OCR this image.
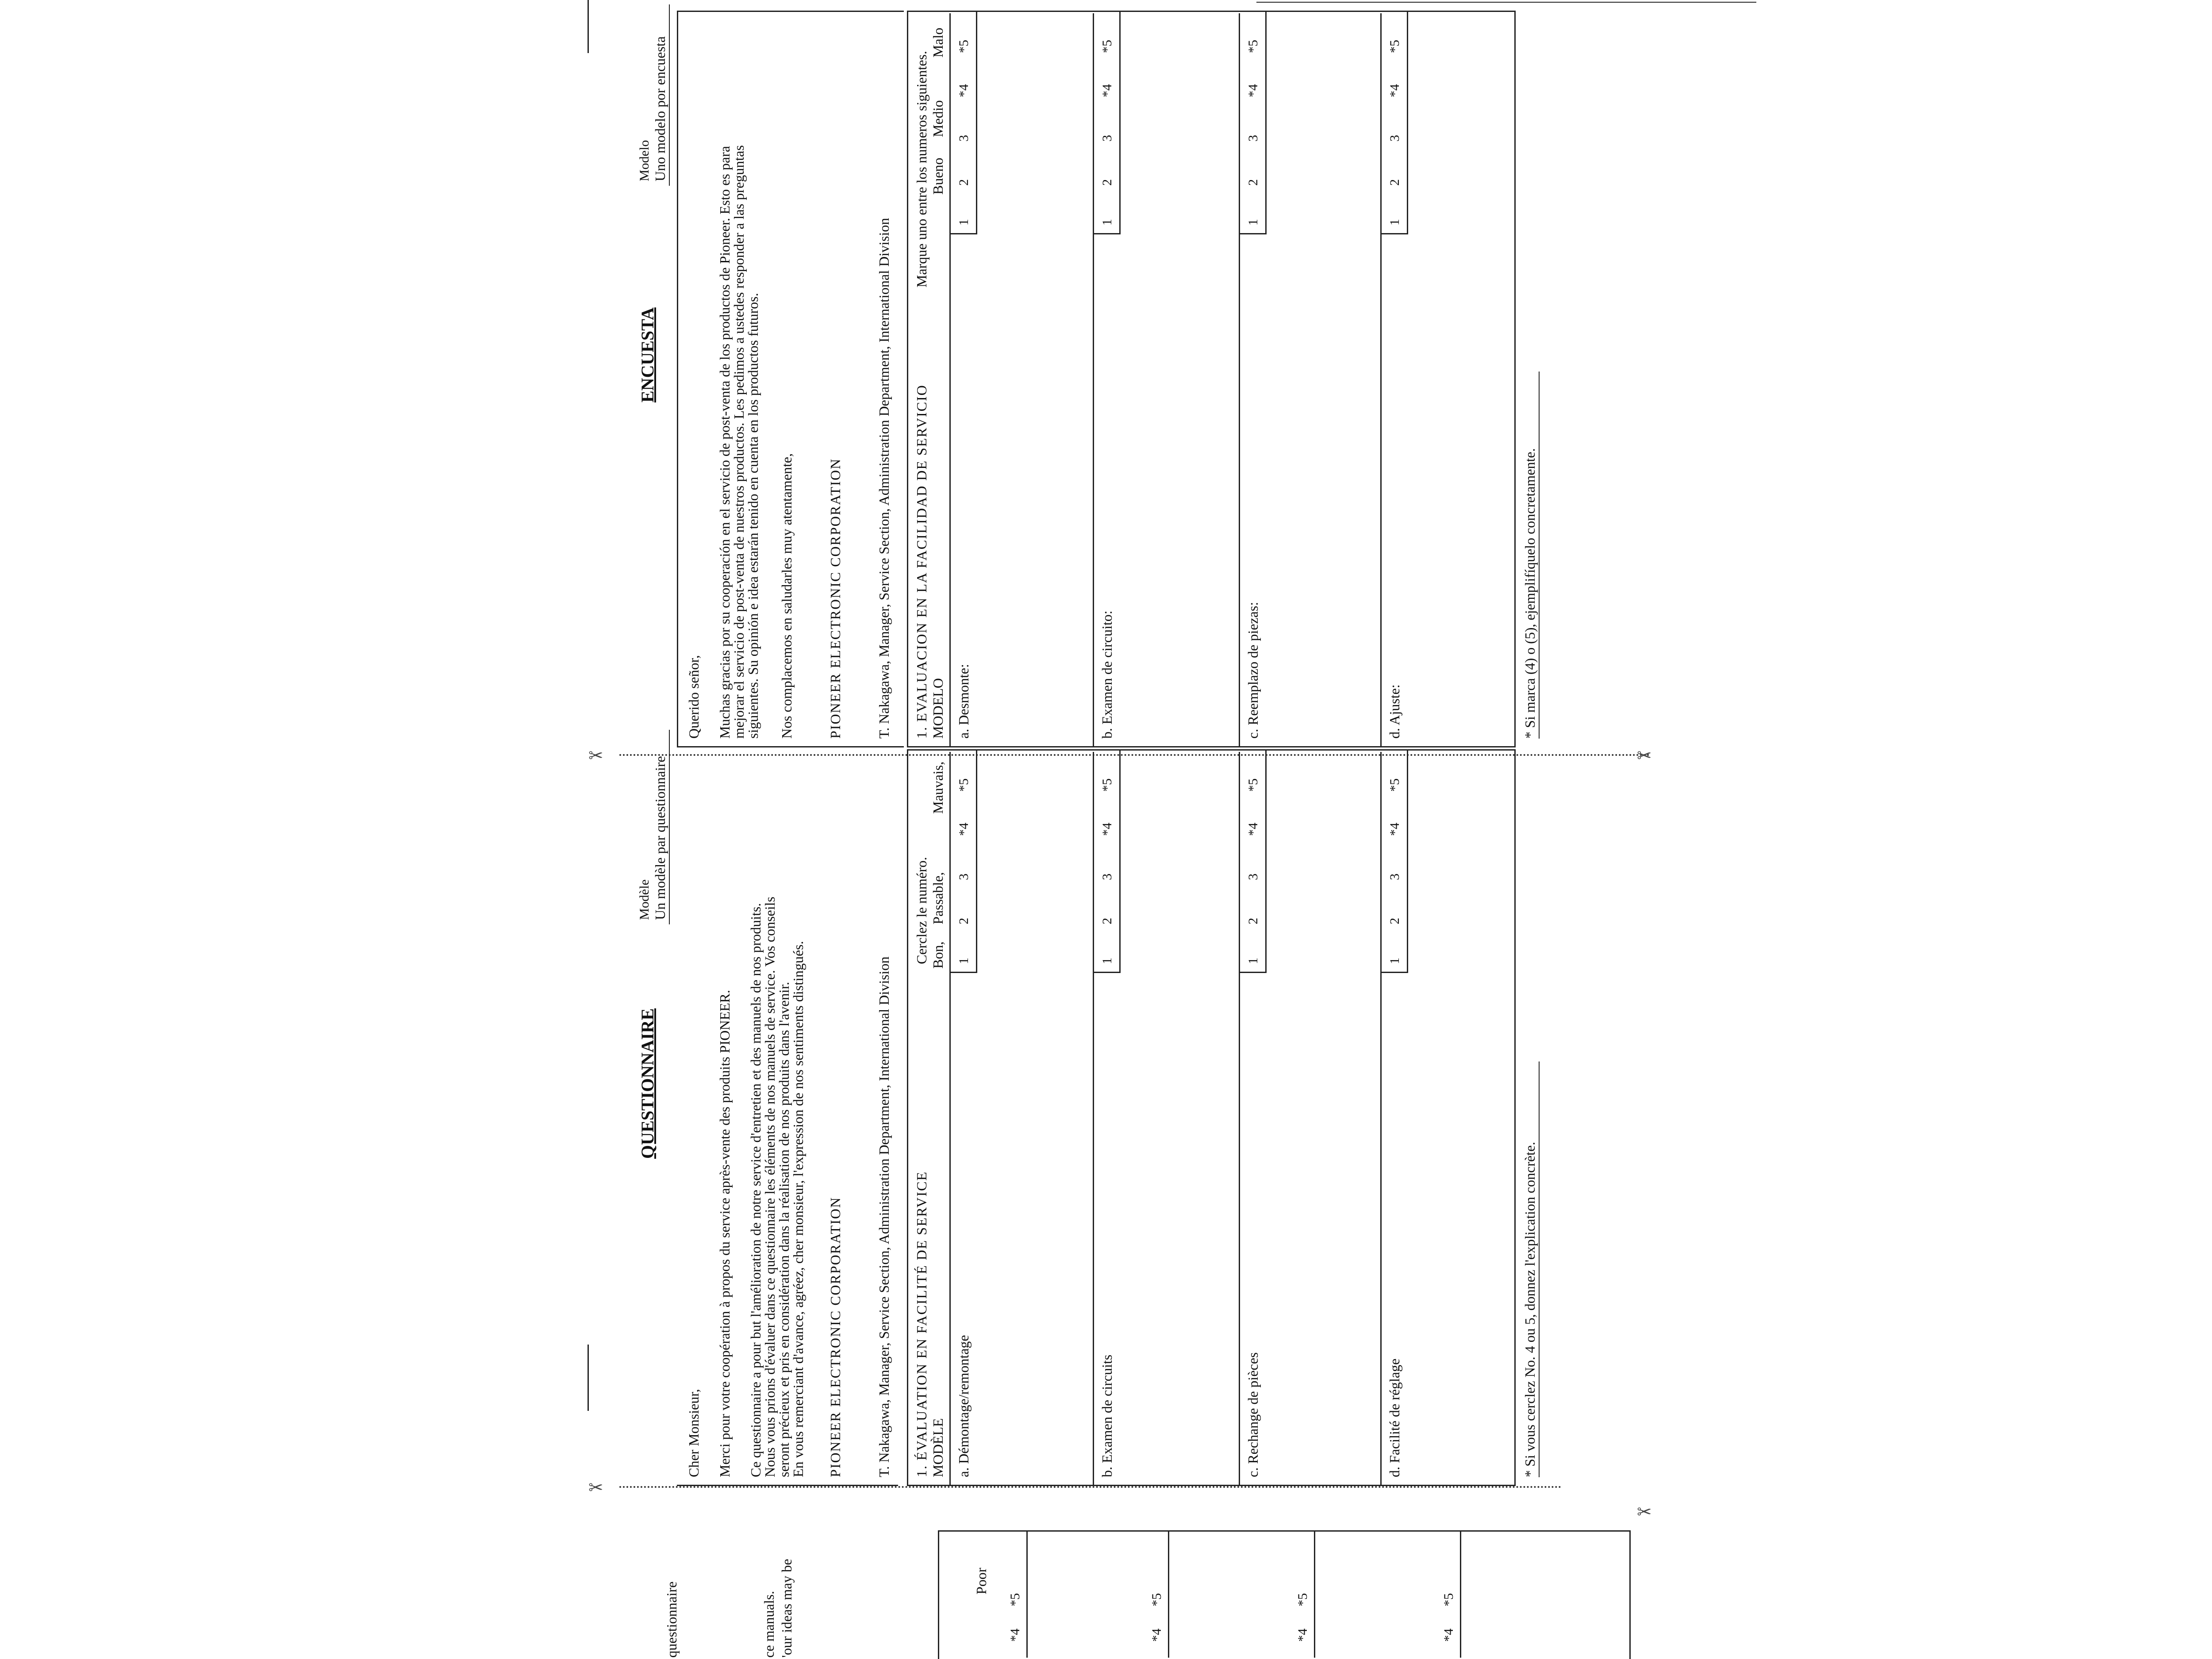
✂
✂
✂
✂
questionnaire	ce manuals. 'our ideas may be	Poor
*4
*5
*4
*5
*4
*5
*4
*5
QUESTIONNAIRE
Modèle Un modèle par questionnaire
Cher Monsieur, Merci pour votre coopération à propos du service après-vente des produits PIONEER. Ce questionnaire a pour but l'amélioration de notre service d'entretien et des manuels de nos produits.
Nous vous prions d'évaluer dans ce questionnaire les éléments de nos manuels de service. Vos conseils
seront précieux et pris en considération dans la réalisation de nos produits dans l'avenir.
En vous remerciant d'avance, agréez, cher monsieur, l'expression de nos sentiments distingués. PIONEER ELECTRONIC CORPORATION T. Nakagawa, Manager, Service Section, Administration Department, International Division 1. ÉVALUATION EN FACILITÉ DE SERVICE MODÈLE
Cerclez le numéro. Bon,
Passable,
Mauvais,
a. Démontage/remontage
1
2
3
*4
*5
b. Examen de circuits
1
2
3
*4
*5
c. Rechange de pièces
1
2
3
*4
*5
d. Facilité de réglage
1
2
3
*4
*5
* Si vous cerclez No. 4 ou 5, donnez l'explication concrète.
ENCUESTA
Modelo Uno modelo por encuesta
Querido señor, Muchas gracias por su cooperación en el servicio de post-venta de los productos de Pioneer. Esto es para
mejorar el servicio de post-venta de nuestros productos. Les pedimos a ustedes responder a las preguntas
siguientes. Su opinión e idea estarán tenido en cuenta en los productos futuros. Nos complacemos en saludarles muy atentamente, PIONEER ELECTRONIC CORPORATION T. Nakagawa, Manager, Service Section, Administration Department, International Division 1. EVALUACION EN LA FACILIDAD DE SERVICIO MODELO
Marque uno entre los numeros siguientes. Bueno
Medio
Malo
a. Desmonte:
1
2
3
*4
*5
b. Examen de circuito:
1
2
3
*4
*5
c. Reemplazo de piezas:
1
2
3
*4
*5
d. Ajuste:
1
2
3
*4
*5
* Si marca (4) o (5), ejemplifíquelo concretamente.
